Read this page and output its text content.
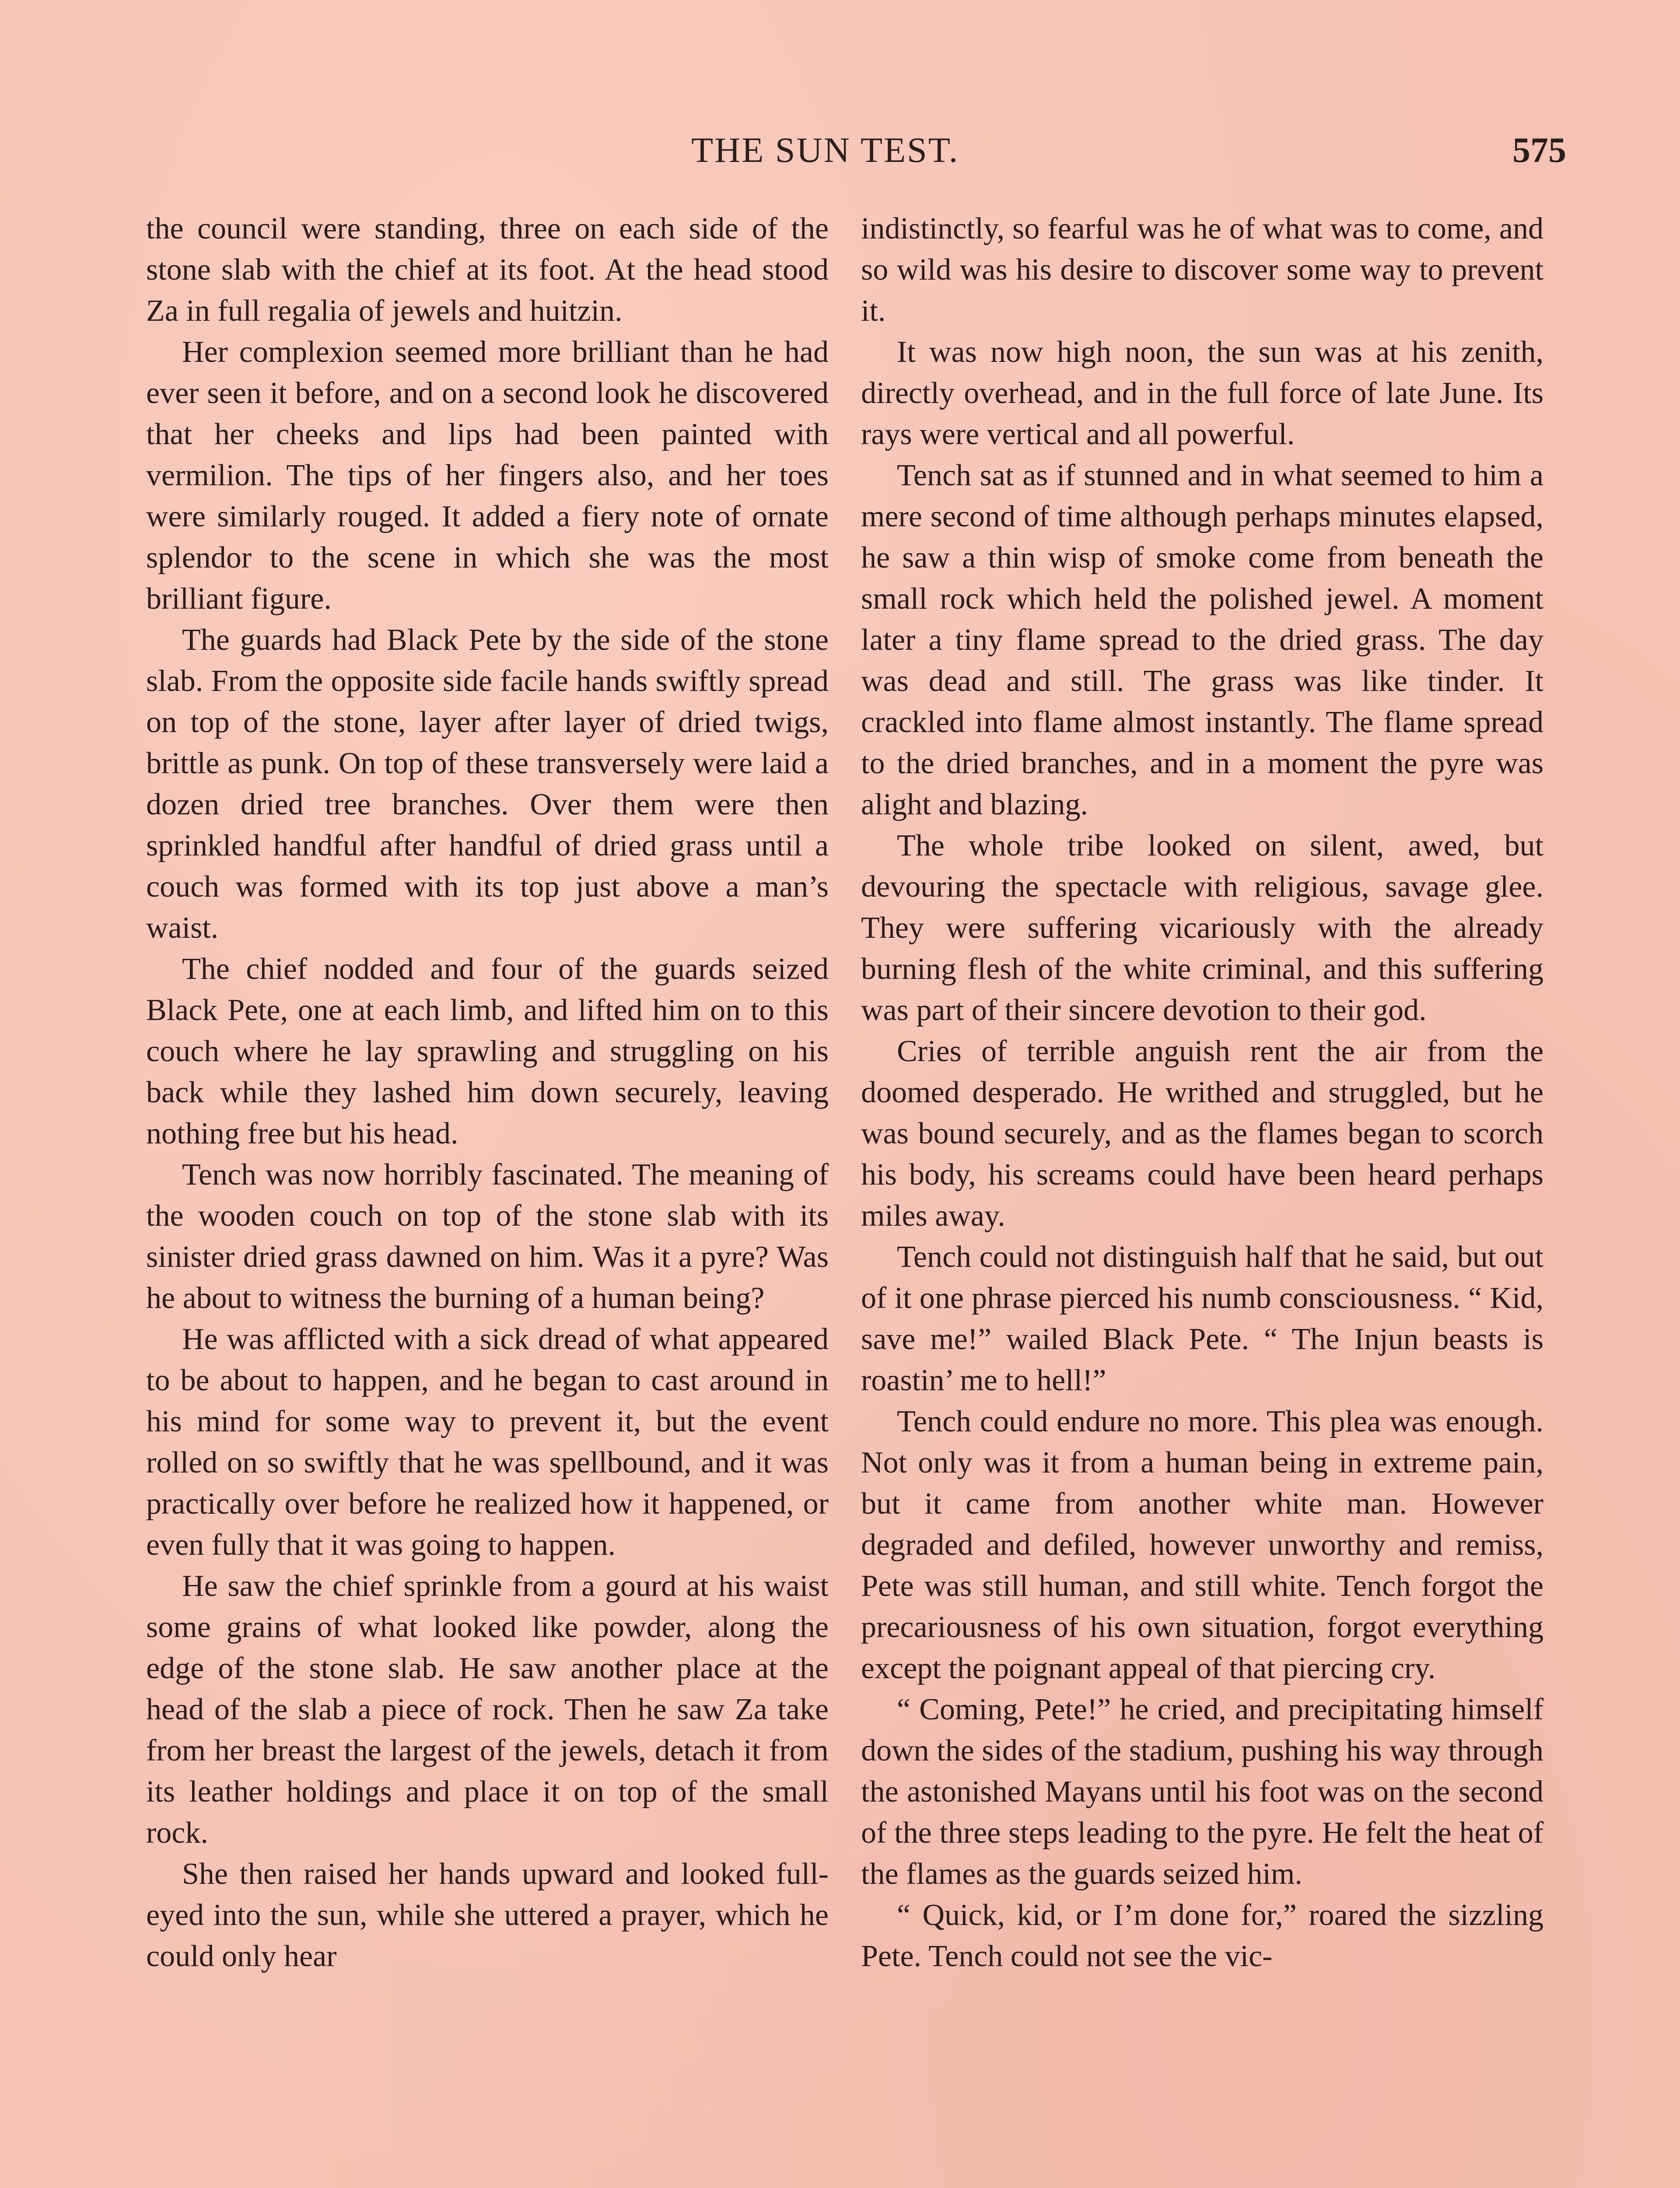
THE SUN TEST.	575

the council were standing, three on each side of the stone slab with the chief at its foot. At the head stood Za in full regalia of jewels and huitzin.

Her complexion seemed more brilliant than he had ever seen it before, and on a second look he discovered that her cheeks and lips had been painted with vermilion. The tips of her fingers also, and her toes were similarly rouged. It added a fiery note of ornate splendor to the scene in which she was the most brilliant figure.

The guards had Black Pete by the side of the stone slab. From the opposite side facile hands swiftly spread on top of the stone, layer after layer of dried twigs, brittle as punk. On top of these transversely were laid a dozen dried tree branches. Over them were then sprinkled handful after handful of dried grass until a couch was formed with its top just above a man’s waist.

The chief nodded and four of the guards seized Black Pete, one at each limb, and lifted him on to this couch where he lay sprawling and struggling on his back while they lashed him down securely, leaving nothing free but his head.

Tench was now horribly fascinated. The meaning of the wooden couch on top of the stone slab with its sinister dried grass dawned on him. Was it a pyre? Was he about to witness the burning of a human being?

He was afflicted with a sick dread of what appeared to be about to happen, and he began to cast around in his mind for some way to prevent it, but the event rolled on so swiftly that he was spellbound, and it was practically over before he realized how it happened, or even fully that it was going to happen.

He saw the chief sprinkle from a gourd at his waist some grains of what looked like powder, along the edge of the stone slab. He saw another place at the head of the slab a piece of rock. Then he saw Za take from her breast the largest of the jewels, detach it from its leather holdings and place it on top of the small rock.

She then raised her hands upward and looked full-eyed into the sun, while she uttered a prayer, which he could only hear

indistinctly, so fearful was he of what was to come, and so wild was his desire to discover some way to prevent it.

It was now high noon, the sun was at his zenith, directly overhead, and in the full force of late June. Its rays were vertical and all powerful.

Tench sat as if stunned and in what seemed to him a mere second of time although perhaps minutes elapsed, he saw a thin wisp of smoke come from beneath the small rock which held the polished jewel. A moment later a tiny flame spread to the dried grass. The day was dead and still. The grass was like tinder. It crackled into flame almost instantly. The flame spread to the dried branches, and in a moment the pyre was alight and blazing.

The whole tribe looked on silent, awed, but devouring the spectacle with religious, savage glee. They were suffering vicariously with the already burning flesh of the white criminal, and this suffering was part of their sincere devotion to their god.

Cries of terrible anguish rent the air from the doomed desperado. He writhed and struggled, but he was bound securely, and as the flames began to scorch his body, his screams could have been heard perhaps miles away.

Tench could not distinguish half that he said, but out of it one phrase pierced his numb consciousness. “ Kid, save me!” wailed Black Pete. “ The Injun beasts is roastin’ me to hell!”

Tench could endure no more. This plea was enough. Not only was it from a human being in extreme pain, but it came from another white man. However degraded and defiled, however unworthy and remiss, Pete was still human, and still white. Tench forgot the precariousness of his own situation, forgot everything except the poignant appeal of that piercing cry.

“ Coming, Pete!” he cried, and precipitating himself down the sides of the stadium, pushing his way through the astonished Mayans until his foot was on the second of the three steps leading to the pyre. He felt the heat of the flames as the guards seized him.

“ Quick, kid, or I’m done for,” roared the sizzling Pete. Tench could not see the vic-
